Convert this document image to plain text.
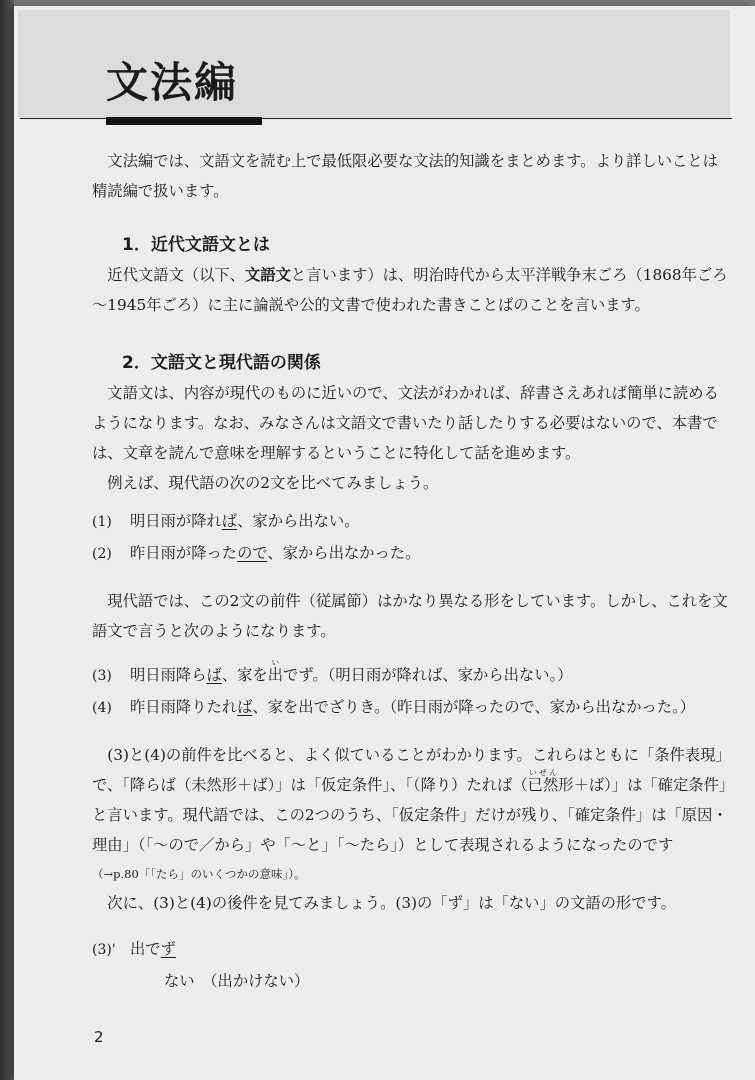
文法編

文法編では、文語文を読む上で最低限必要な文法的知識をまとめます。より詳しいことは精読編で扱います。

1．近代文語文とは

近代文語文（以下、文語文と言います）は、明治時代から太平洋戦争末ごろ（1868年ごろ～1945年ごろ）に主に論説や公的文書で使われた書きことばのことを言います。

2．文語文と現代語の関係

文語文は、内容が現代のものに近いので、文法がわかれば、辞書さえあれば簡単に読めるようになります。なお、みなさんは文語文で書いたり話したりする必要はないので、本書では、文章を読んで意味を理解するということに特化して話を進めます。

例えば、現代語の次の2文を比べてみましょう。

(1) 明日雨が降れば、家から出ない。

(2) 昨日雨が降ったので、家から出なかった。

現代語では、この2文の前件（従属節）はかなり異なる形をしています。しかし、これを文語文で言うと次のようになります。

(3) 明日雨降らば、家を出いでず。（明日雨が降れば、家から出ない。）

(4) 昨日雨降りたれば、家を出でざりき。（昨日雨が降ったので、家から出なかった。）

(3)と(4)の前件を比べると、よく似ていることがわかります。これらはともに「条件表現」で、「降らば（未然形＋ば）」は「仮定条件」、「（降り）たれば（已然いぜん形＋ば）」は「確定条件」と言います。現代語では、この2つのうち、「仮定条件」だけが残り、「確定条件」は「原因・理由」（「～ので／から」や「～と」「～たら」）として表現されるようになったのです

（→p.80「「たら」のいくつかの意味」）。

次に、(3)と(4)の後件を見てみましょう。(3)の「ず」は「ない」の文語の形です。

(3)' 出でず

ない　（出かけない）

2
